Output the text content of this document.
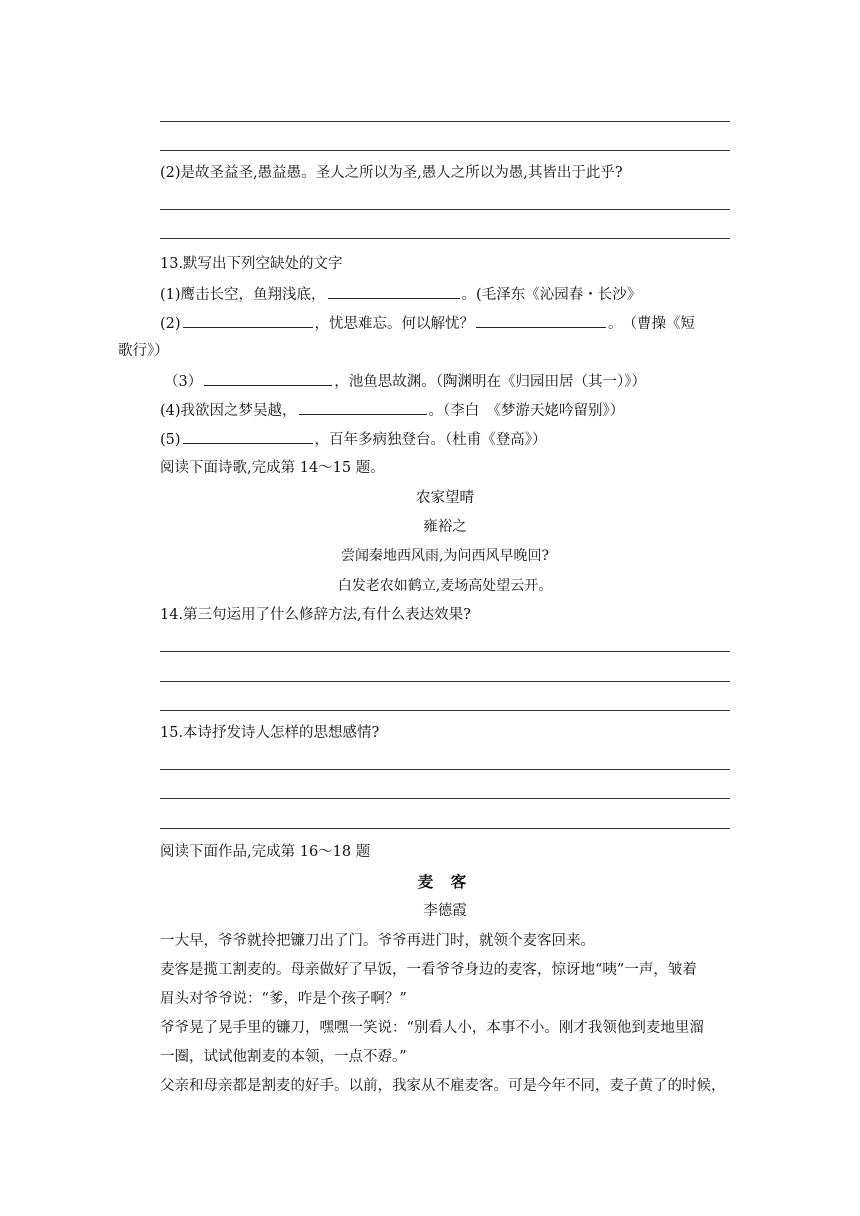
(2)是故圣益圣,愚益愚。圣人之所以为圣,愚人之所以为愚,其皆出于此乎?
13.默写出下列空缺处的文字
(1)鹰击长空，鱼翔浅底，	。(毛泽东《沁园春・长沙》
(2)	，忧思难忘。何以解忧？	。　（曹操《短
歌行》）
（3）	，池鱼思故渊。（陶渊明在《归园田居（其一）》）
(4)我欲因之梦吴越，	。（李白　《梦游天姥吟留别》）
(5)	，百年多病独登台。（杜甫《登高》）
阅读下面诗歌,完成第 14～15 题。
农家望晴
雍裕之
尝闻秦地西风雨,为问西风早晚回?
白发老农如鹤立,麦场高处望云开。
14.第三句运用了什么修辞方法,有什么表达效果?
15.本诗抒发诗人怎样的思想感情?
阅读下面作品,完成第 16～18 题
麦 客
李德霞
一大早，爷爷就拎把镰刀出了门。爷爷再进门时，就领个麦客回来。
麦客是揽工割麦的。母亲做好了早饭，一看爷爷身边的麦客，惊讶地“咦”一声，皱着
眉头对爷爷说：“爹，咋是个孩子啊？”
爷爷晃了晃手里的镰刀，嘿嘿一笑说：“别看人小，本事不小。刚才我领他到麦地里溜
一圈，试试他割麦的本领，一点不孬。”
父亲和母亲都是割麦的好手。以前，我家从不雇麦客。可是今年不同，麦子黄了的时候，
